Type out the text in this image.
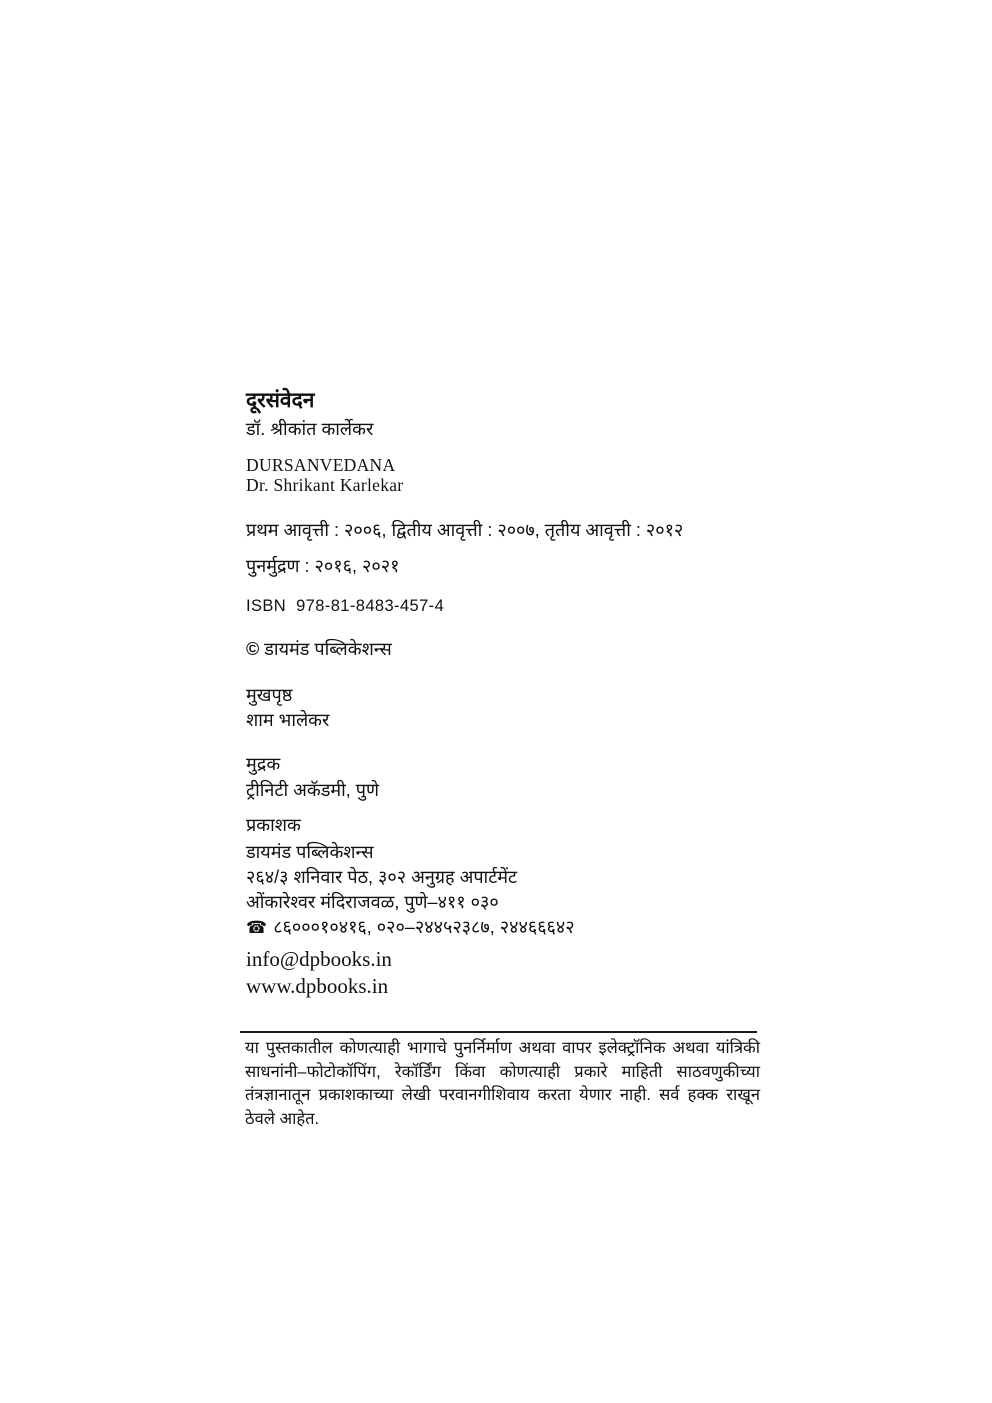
दूरसंवेदन
डॉ. श्रीकांत कार्लेकर
DURSANVEDANA
Dr. Shrikant Karlekar
प्रथम आवृत्ती : २००६, द्वितीय आवृत्ती : २००७, तृतीय आवृत्ती : २०१२
पुनर्मुद्रण : २०१६, २०२१
ISBN  978-81-8483-457-4
© डायमंड पब्लिकेशन्स
मुखपृष्ठ
शाम भालेकर
मुद्रक
ट्रीनिटी अकॅडमी, पुणे
प्रकाशक
डायमंड पब्लिकेशन्स
२६४/३ शनिवार पेठ, ३०२ अनुग्रह अपार्टमेंट
ओंकारेश्वर मंदिराजवळ, पुणे–४११ ०३०
☎ ८६०००१०४१६, ०२०–२४४५२३८७, २४४६६६४२
info@dpbooks.in
www.dpbooks.in
या पुस्तकातील कोणत्याही भागाचे पुनर्निर्माण अथवा वापर इलेक्ट्रॉनिक अथवा यांत्रिकी साधनांनी–फोटोकॉपिंग, रेकॉर्डिंग किंवा कोणत्याही प्रकारे माहिती साठवणुकीच्या तंत्रज्ञानातून प्रकाशकाच्या लेखी परवानगीशिवाय करता येणार नाही. सर्व हक्क राखून ठेवले आहेत.
